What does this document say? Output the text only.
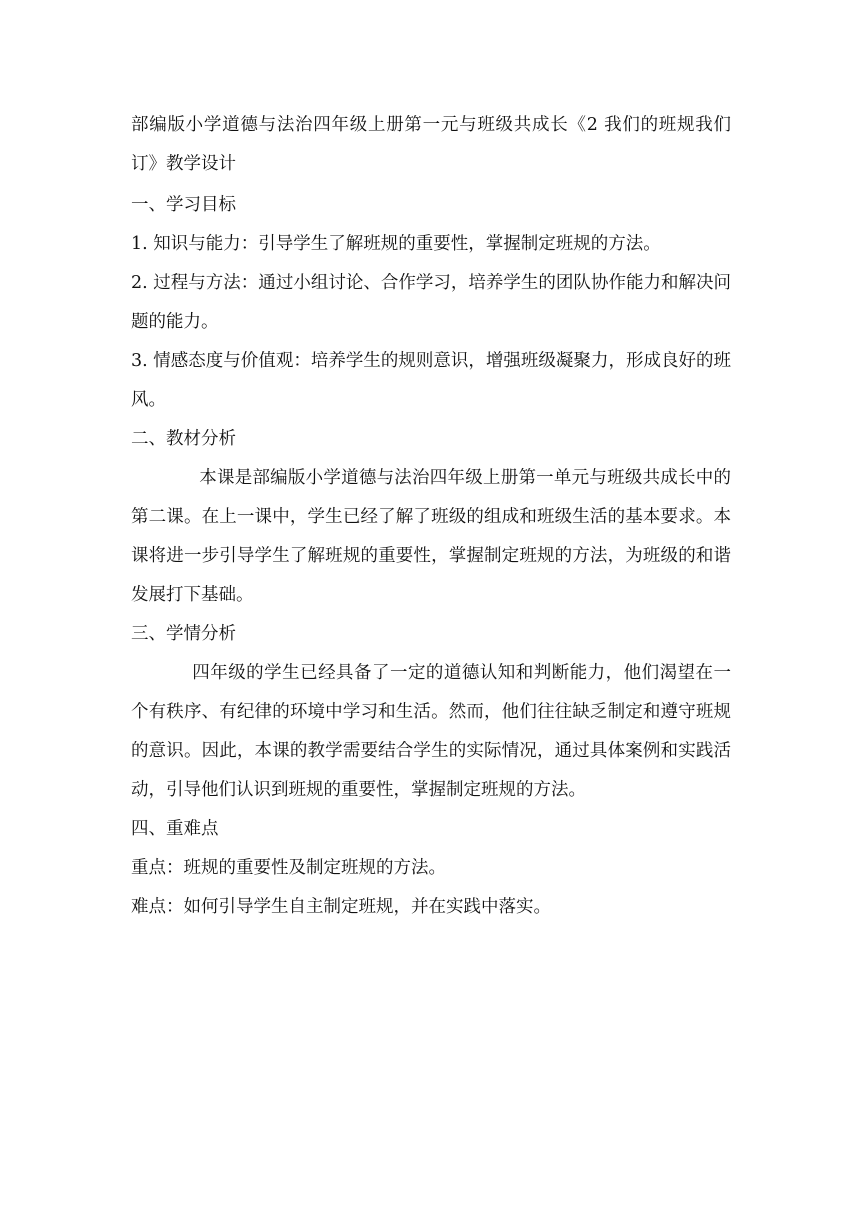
部编版小学道德与法治四年级上册第一元与班级共成长《2 我们的班规我们订》教学设计

一、学习目标

1. 知识与能力：引导学生了解班规的重要性，掌握制定班规的方法。

2. 过程与方法：通过小组讨论、合作学习，培养学生的团队协作能力和解决问题的能力。

3. 情感态度与价值观：培养学生的规则意识，增强班级凝聚力，形成良好的班风。

二、教材分析

本课是部编版小学道德与法治四年级上册第一单元与班级共成长中的第二课。在上一课中，学生已经了解了班级的组成和班级生活的基本要求。本课将进一步引导学生了解班规的重要性，掌握制定班规的方法，为班级的和谐发展打下基础。

三、学情分析

四年级的学生已经具备了一定的道德认知和判断能力，他们渴望在一个有秩序、有纪律的环境中学习和生活。然而，他们往往缺乏制定和遵守班规的意识。因此，本课的教学需要结合学生的实际情况，通过具体案例和实践活动，引导他们认识到班规的重要性，掌握制定班规的方法。

四、重难点

重点：班规的重要性及制定班规的方法。

难点：如何引导学生自主制定班规，并在实践中落实。
